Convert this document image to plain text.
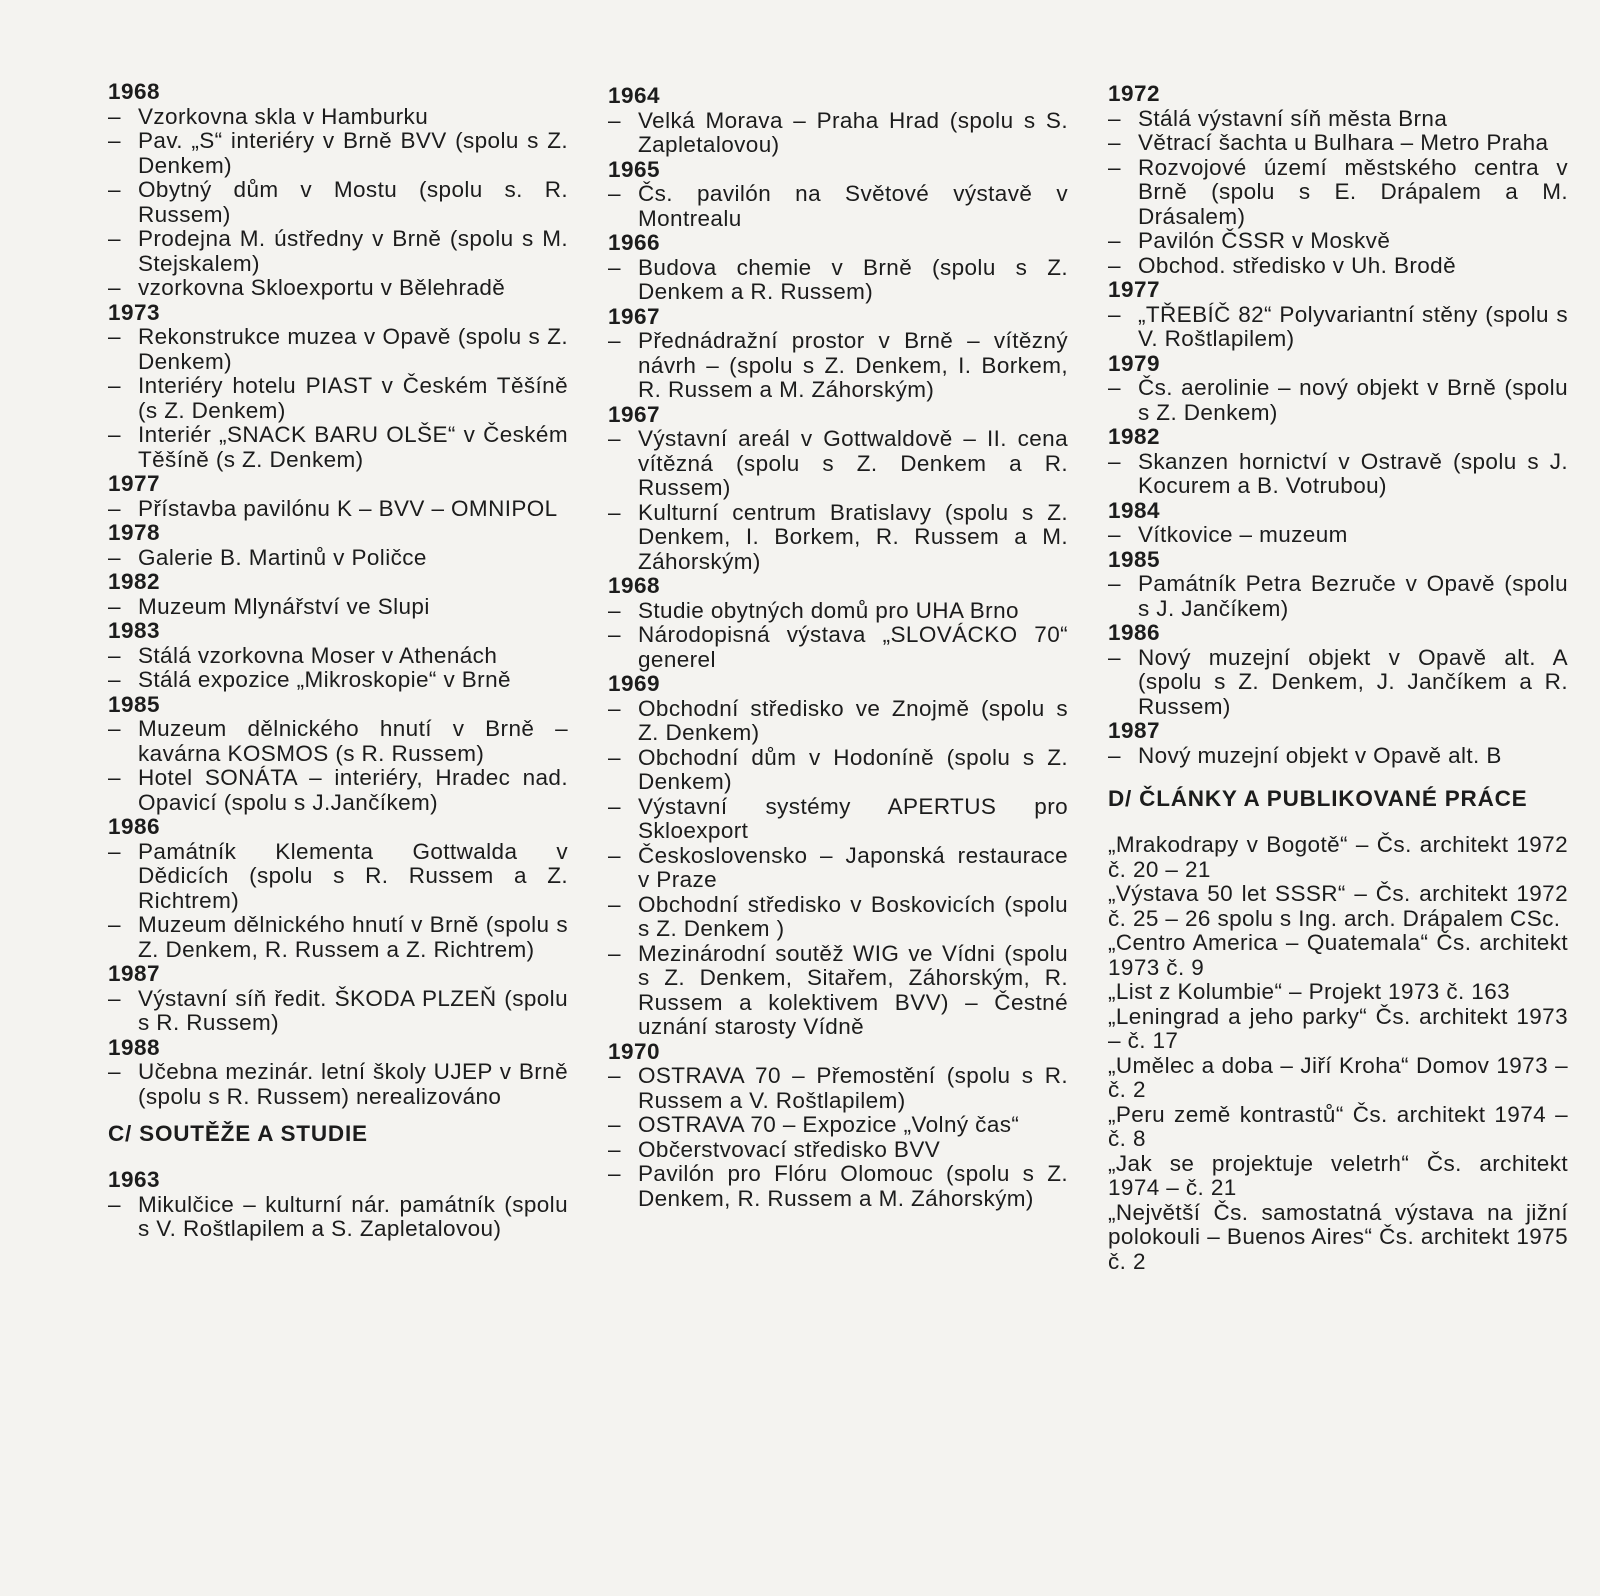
1968
– Vzorkovna skla v Hamburku
– Pav. „S“ interiéry v Brně BVV (spolu s Z. Denkem)
– Obytný dům v Mostu (spolu s. R. Russem)
– Prodejna M. ústředny v Brně (spolu s M. Stejskalem)
– vzorkovna Skloexportu v Bělehradě
1973
– Rekonstrukce muzea v Opavě (spolu s Z. Denkem)
– Interiéry hotelu PIAST v Českém Těšíně (s Z. Denkem)
– Interiér „SNACK BARU OLŠE“ v Českém Těšíně (s Z. Denkem)
1977
– Přístavba pavilónu K – BVV – OMNIPOL
1978
– Galerie B. Martinů v Poličce
1982
– Muzeum Mlynářství ve Slupi
1983
– Stálá vzorkovna Moser v Athenách
– Stálá expozice „Mikroskopie“ v Brně
1985
– Muzeum dělnického hnutí v Brně – kavárna KOSMOS (s R. Russem)
– Hotel SONÁTA – interiéry, Hradec nad. Opavicí (spolu s J.Jančíkem)
1986
– Památník Klementa Gottwalda v Dědicích (spolu s R. Russem a Z. Richtrem)
– Muzeum dělnického hnutí v Brně (spolu s Z. Denkem, R. Russem a Z. Richtrem)
1987
– Výstavní síň ředit. ŠKODA PLZEŇ (spolu s R. Russem)
1988
– Učebna mezinár. letní školy UJEP v Brně (spolu s R. Russem) nerealizováno
C/ SOUTĚŽE A STUDIE
1963
– Mikulčice – kulturní nár. památník (spolu s V. Roštlapilem a S. Zapletalovou)
1964
– Velká Morava – Praha Hrad (spolu s S. Zapletalovou)
1965
– Čs. pavilón na Světové výstavě v Montrealu
1966
– Budova chemie v Brně (spolu s Z. Denkem a R. Russem)
1967
– Přednádražní prostor v Brně – vítězný návrh – (spolu s Z. Denkem, I. Borkem, R. Russem a M. Záhorským)
1967
– Výstavní areál v Gottwaldově – II. cena vítězná (spolu s Z. Denkem a R. Russem)
– Kulturní centrum Bratislavy (spolu s Z. Denkem, I. Borkem, R. Russem a M. Záhorským)
1968
– Studie obytných domů pro UHA Brno
– Národopisná výstava „SLOVÁCKO 70“ generel
1969
– Obchodní středisko ve Znojmě (spolu s Z. Denkem)
– Obchodní dům v Hodoníně (spolu s Z. Denkem)
– Výstavní systémy APERTUS pro Skloexport
– Československo – Japonská restaurace v Praze
– Obchodní středisko v Boskovicích (spolu s Z. Denkem )
– Mezinárodní soutěž WIG ve Vídni (spolu s Z. Denkem, Sitařem, Záhorským, R. Russem a kolektivem BVV) – Čestné uznání starosty Vídně
1970
– OSTRAVA 70 – Přemostění (spolu s R. Russem a V. Roštlapilem)
– OSTRAVA 70 – Expozice „Volný čas“
– Občerstvovací středisko BVV
– Pavilón pro Flóru Olomouc (spolu s Z. Denkem, R. Russem a M. Záhorským)
1972
– Stálá výstavní síň města Brna
– Větrací šachta u Bulhara – Metro Praha
– Rozvojové území městského centra v Brně (spolu s E. Drápalem a M. Drásalem)
– Pavilón ČSSR v Moskvě
– Obchod. středisko v Uh. Brodě
1977
– „TŘEBÍČ 82“ Polyvariantní stěny (spolu s V. Roštlapilem)
1979
– Čs. aerolinie – nový objekt v Brně (spolu s Z. Denkem)
1982
– Skanzen hornictví v Ostravě (spolu s J. Kocurem a B. Votrubou)
1984
– Vítkovice – muzeum
1985
– Památník Petra Bezruče v Opavě (spolu s J. Jančíkem)
1986
– Nový muzejní objekt v Opavě alt. A (spolu s Z. Denkem, J. Jančíkem a R. Russem)
1987
– Nový muzejní objekt v Opavě alt. B
D/ ČLÁNKY A PUBLIKOVANÉ PRÁCE
„Mrakodrapy v Bogotě“ – Čs. architekt 1972 č. 20 – 21
„Výstava 50 let SSSR“ – Čs. architekt 1972 č. 25 – 26 spolu s Ing. arch. Drápalem CSc.
„Centro America – Quatemala“ Čs. architekt 1973 č. 9
„List z Kolumbie“ – Projekt 1973 č. 163
„Leningrad a jeho parky“ Čs. architekt 1973 – č. 17
„Umělec a doba – Jiří Kroha“ Domov 1973 – č. 2
„Peru země kontrastů“ Čs. architekt 1974 – č. 8
„Jak se projektuje veletrh“ Čs. architekt 1974 – č. 21
„Největší Čs. samostatná výstava na jižní polokouli – Buenos Aires“ Čs. architekt 1975 č. 2
